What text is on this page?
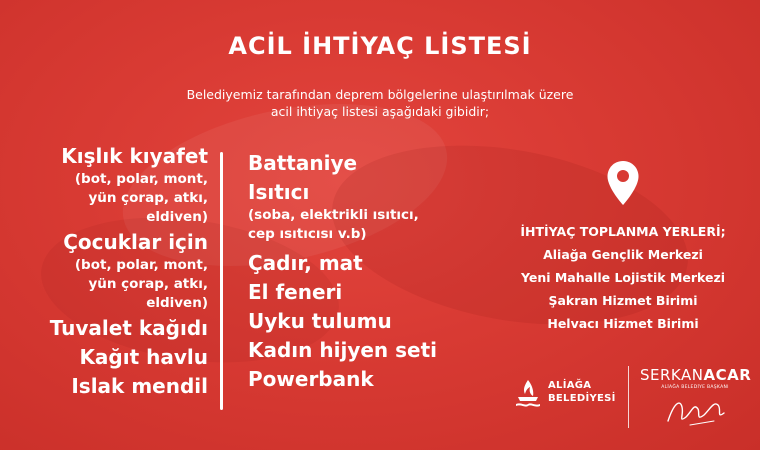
ACİL İHTİYAÇ LİSTESİ
Belediyemiz tarafından deprem bölgelerine ulaştırılmak üzere
acil ihtiyaç listesi aşağıdaki gibidir;
Kışlık kıyafet
(bot, polar, mont,
yün çorap, atkı,
eldiven)
Çocuklar için
(bot, polar, mont,
yün çorap, atkı,
eldiven)
Tuvalet kağıdı
Kağıt havlu
Islak mendil
Battaniye
Isıtıcı
(soba, elektrikli ısıtıcı,
cep ısıtıcısı v.b)
Çadır, mat
El feneri
Uyku tulumu
Kadın hijyen seti
Powerbank
İHTİYAÇ TOPLANMA YERLERİ;
Aliağa Gençlik Merkezi
Yeni Mahalle Lojistik Merkezi
Şakran Hizmet Birimi
Helvacı Hizmet Birimi
ALİAĞA
BELEDİYESİ
SERKANACAR
ALİAĞA BELEDİYE BAŞKANI
